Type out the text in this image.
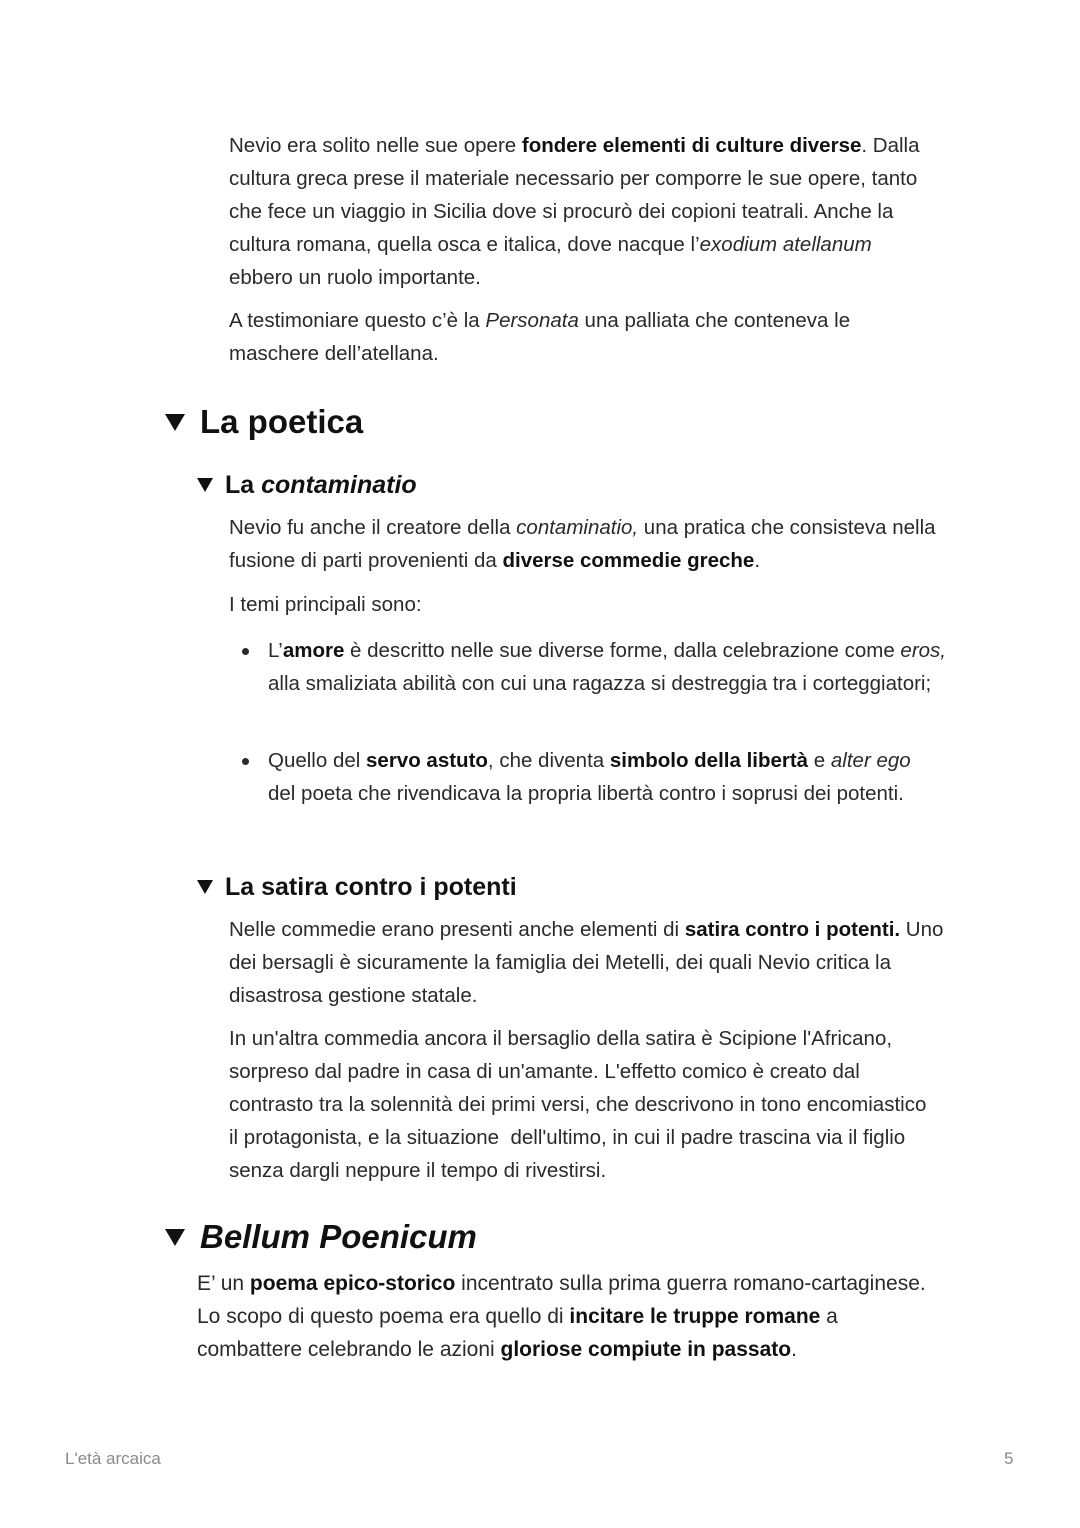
Nevio era solito nelle sue opere fondere elementi di culture diverse. Dalla cultura greca prese il materiale necessario per comporre le sue opere, tanto che fece un viaggio in Sicilia dove si procurò dei copioni teatrali. Anche la cultura romana, quella osca e italica, dove nacque l’exodium atellanum ebbero un ruolo importante.

A testimoniare questo c’è la Personata una palliata che conteneva le maschere dell’atellana.

La poetica
La contaminatio

Nevio fu anche il creatore della contaminatio, una pratica che consisteva nella fusione di parti provenienti da diverse commedie greche.

I temi principali sono:

L’amore è descritto nelle sue diverse forme, dalla celebrazione come eros, alla smaliziata abilità con cui una ragazza si destreggia tra i corteggiatori;

Quello del servo astuto, che diventa simbolo della libertà e alter ego del poeta che rivendicava la propria libertà contro i soprusi dei potenti.

La satira contro i potenti

Nelle commedie erano presenti anche elementi di satira contro i potenti. Uno dei bersagli è sicuramente la famiglia dei Metelli, dei quali Nevio critica la disastrosa gestione statale.

In un'altra commedia ancora il bersaglio della satira è Scipione l'Africano, sorpreso dal padre in casa di un'amante. L'effetto comico è creato dal contrasto tra la solennità dei primi versi, che descrivono in tono encomiastico il protagonista, e la situazione  dell'ultimo, in cui il padre trascina via il figlio senza dargli neppure il tempo di rivestirsi.

Bellum Poenicum

E’ un poema epico-storico incentrato sulla prima guerra romano-cartaginese. Lo scopo di questo poema era quello di incitare le truppe romane a combattere celebrando le azioni gloriose compiute in passato.

L'età arcaica	5
